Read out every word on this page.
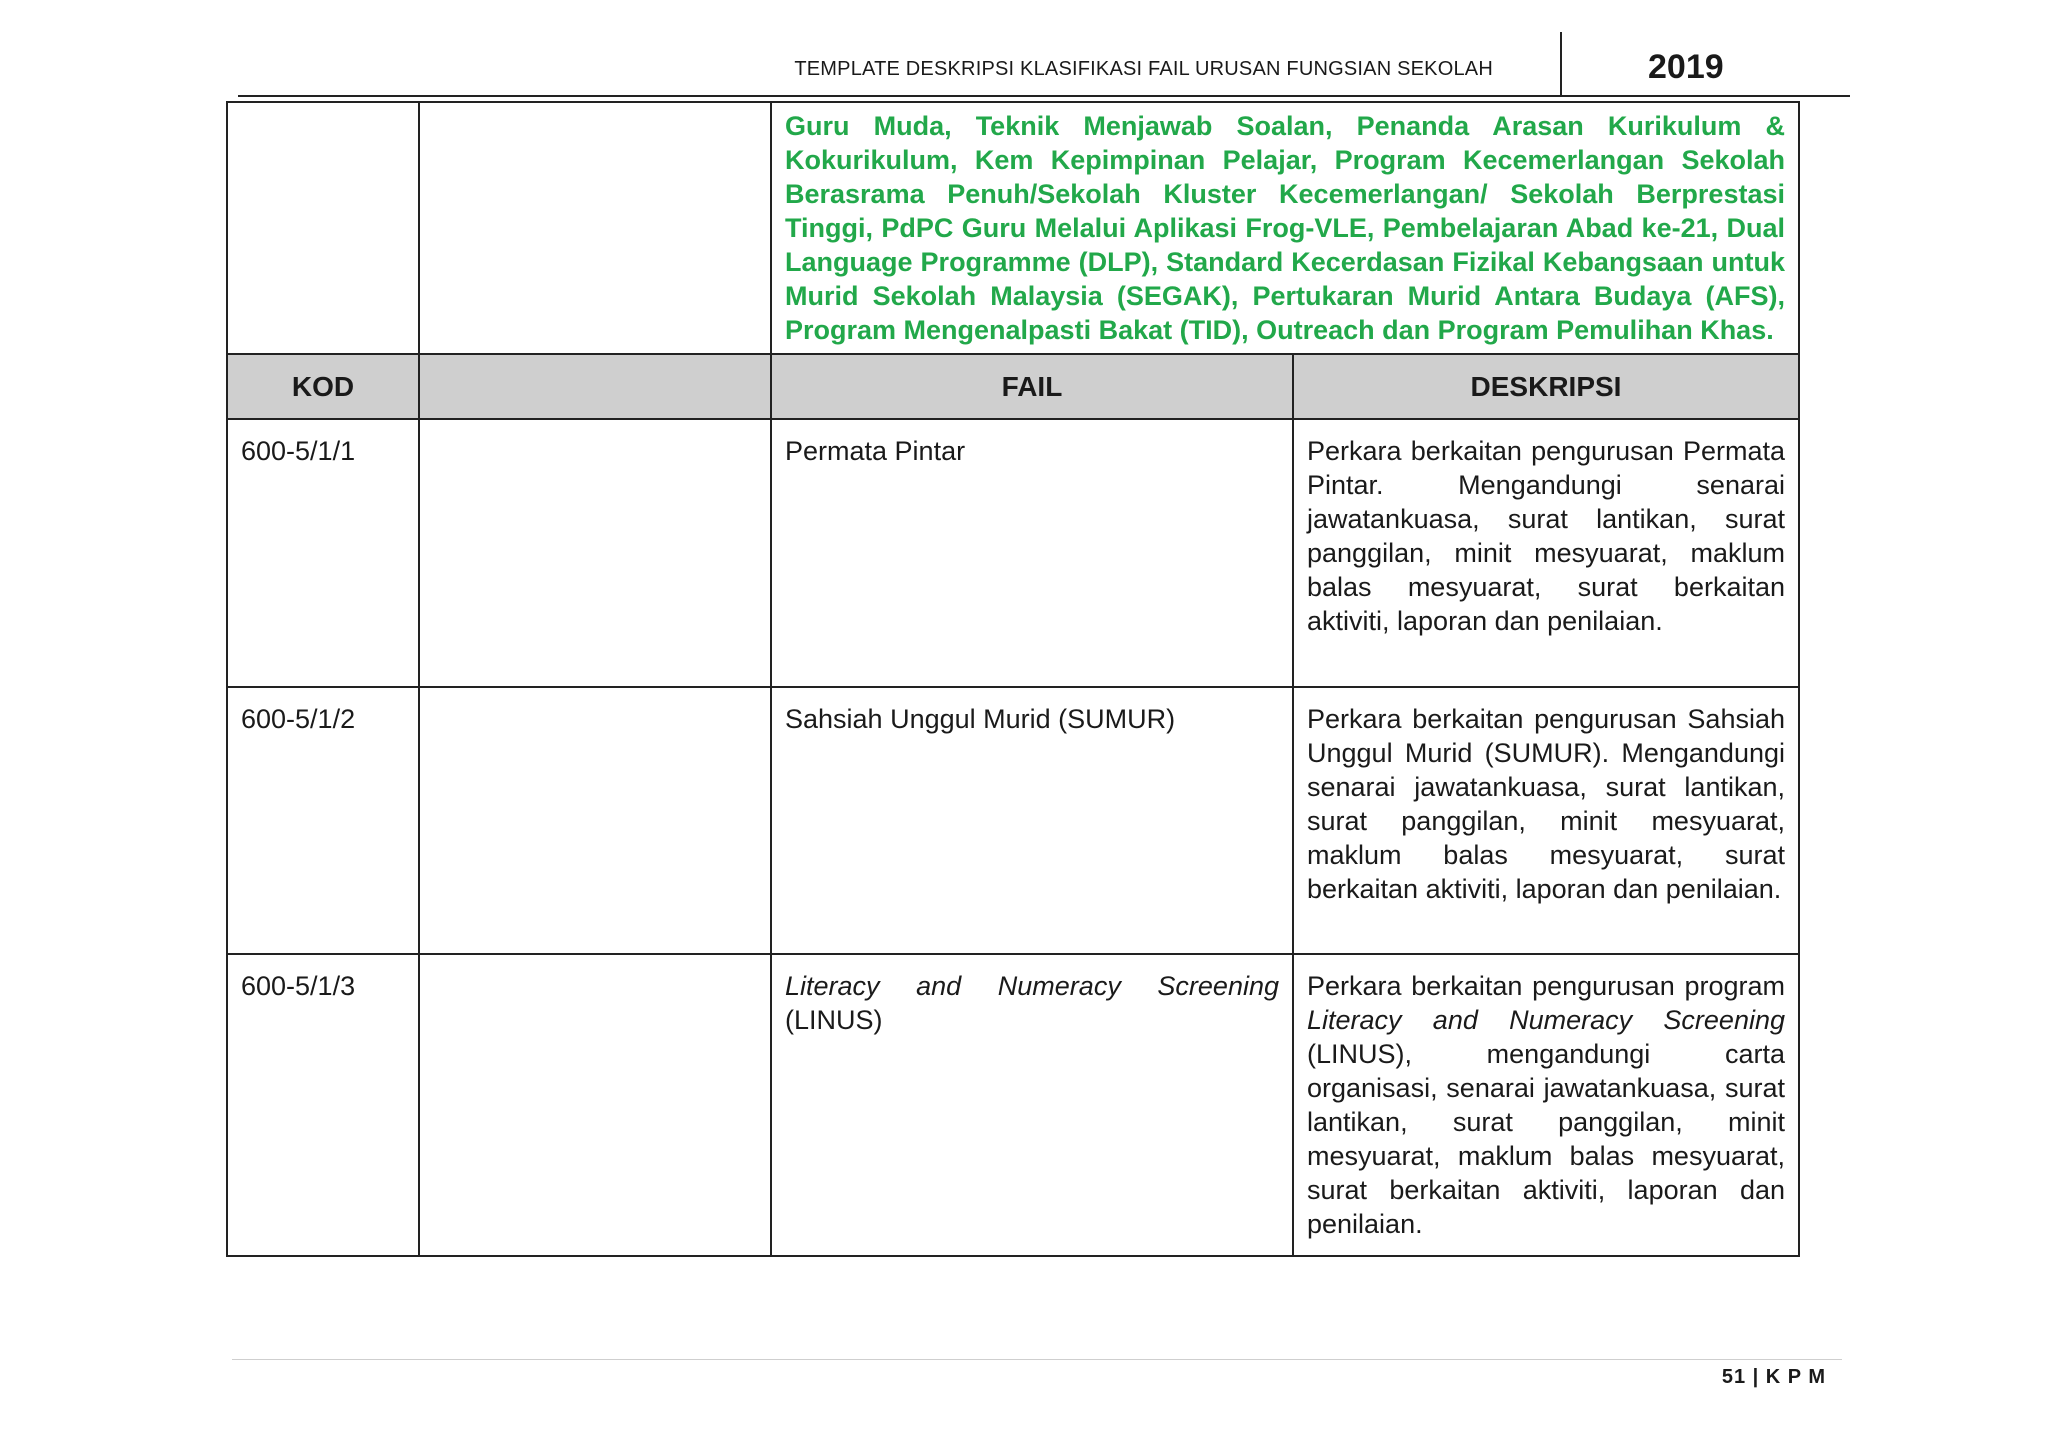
TEMPLATE DESKRIPSI KLASIFIKASI FAIL URUSAN FUNGSIAN SEKOLAH	2019
		Guru Muda, Teknik Menjawab Soalan, Penanda Arasan Kurikulum & Kokurikulum, Kem Kepimpinan Pelajar, Program Kecemerlangan Sekolah Berasrama Penuh/Sekolah Kluster Kecemerlangan/ Sekolah Berprestasi Tinggi, PdPC Guru Melalui Aplikasi Frog-VLE, Pembelajaran Abad ke-21, Dual Language Programme (DLP), Standard Kecerdasan Fizikal Kebangsaan untuk Murid Sekolah Malaysia (SEGAK), Pertukaran Murid Antara Budaya (AFS), Program Mengenalpasti Bakat (TID), Outreach dan Program Pemulihan Khas.	
KOD		FAIL	DESKRIPSI
600-5/1/1		Permata Pintar	Perkara berkaitan pengurusan Permata Pintar. Mengandungi senarai jawatankuasa, surat lantikan, surat panggilan, minit mesyuarat, maklum balas mesyuarat, surat berkaitan aktiviti, laporan dan penilaian.
600-5/1/2		Sahsiah Unggul Murid (SUMUR)	Perkara berkaitan pengurusan Sahsiah Unggul Murid (SUMUR). Mengandungi senarai jawatankuasa, surat lantikan, surat panggilan, minit mesyuarat, maklum balas mesyuarat, surat berkaitan aktiviti, laporan dan penilaian.
600-5/1/3		Literacy and Numeracy Screening (LINUS)	Perkara berkaitan pengurusan program Literacy and Numeracy Screening (LINUS), mengandungi carta organisasi, senarai jawatankuasa, surat lantikan, surat panggilan, minit mesyuarat, maklum balas mesyuarat, surat berkaitan aktiviti, laporan dan penilaian.
51 | K P M
